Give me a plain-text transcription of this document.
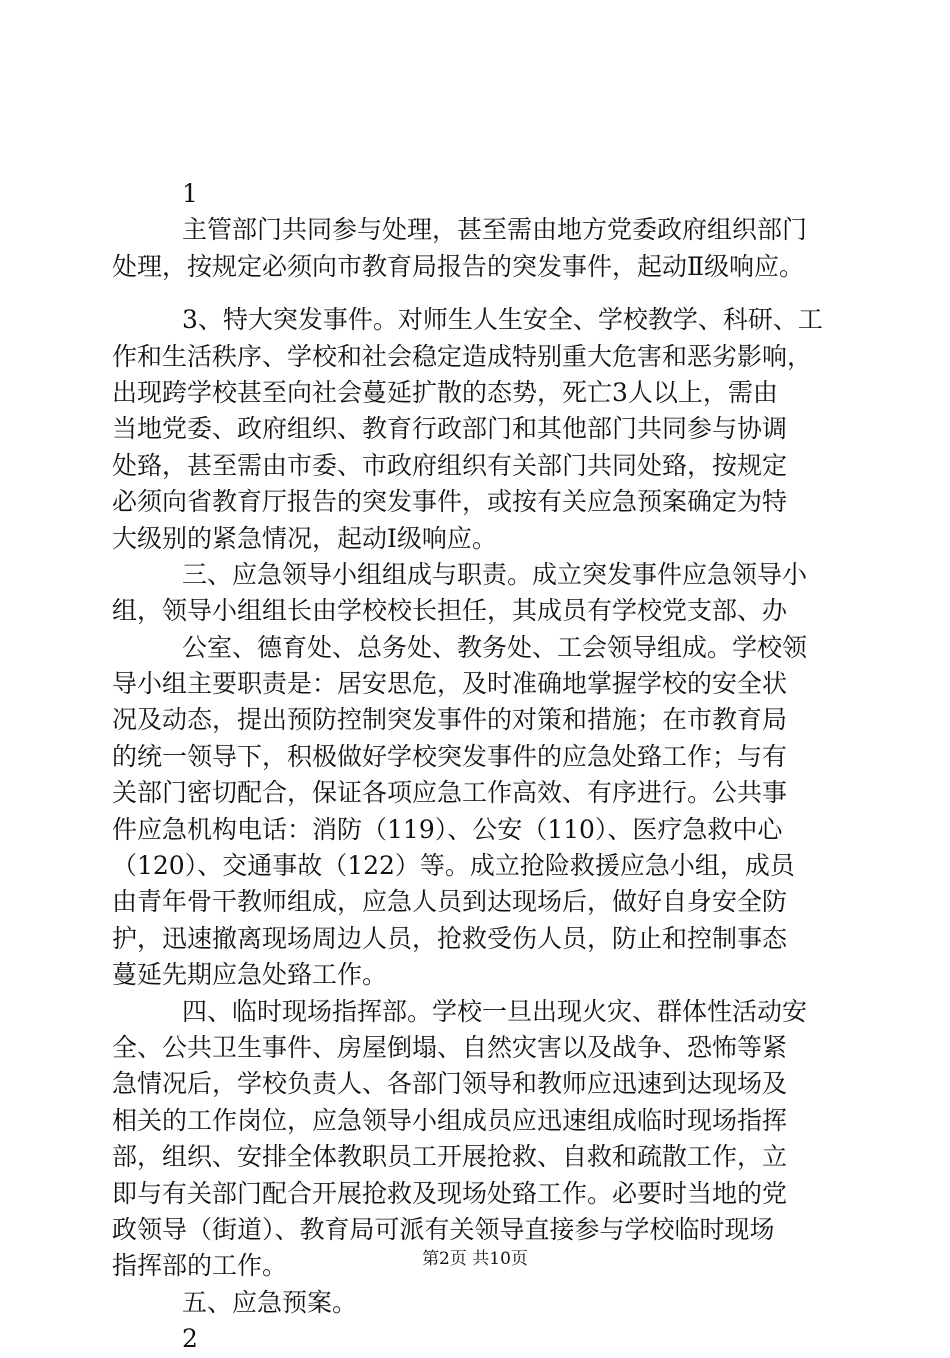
1
主管部门共同参与处理，甚至需由地方党委政府组织部门
处理，按规定必须向市教育局报告的突发事件，起动Ⅱ级响应。
3、特大突发事件。对师生人生安全、学校教学、科研、工
作和生活秩序、学校和社会稳定造成特别重大危害和恶劣影响，
出现跨学校甚至向社会蔓延扩散的态势，死亡3人以上，需由
当地党委、政府组织、教育行政部门和其他部门共同参与协调
处臵，甚至需由市委、市政府组织有关部门共同处臵，按规定
必须向省教育厅报告的突发事件，或按有关应急预案确定为特
大级别的紧急情况，起动Ⅰ级响应。
三、应急领导小组组成与职责。成立突发事件应急领导小
组，领导小组组长由学校校长担任，其成员有学校党支部、办
公室、德育处、总务处、教务处、工会领导组成。学校领
导小组主要职责是：居安思危，及时准确地掌握学校的安全状
况及动态，提出预防控制突发事件的对策和措施；在市教育局
的统一领导下，积极做好学校突发事件的应急处臵工作；与有
关部门密切配合，保证各项应急工作高效、有序进行。公共事
件应急机构电话：消防（119）、公安（110）、医疗急救中心
（120）、交通事故（122）等。成立抢险救援应急小组，成员
由青年骨干教师组成，应急人员到达现场后，做好自身安全防
护，迅速撤离现场周边人员，抢救受伤人员，防止和控制事态
蔓延先期应急处臵工作。
四、临时现场指挥部。学校一旦出现火灾、群体性活动安
全、公共卫生事件、房屋倒塌、自然灾害以及战争、恐怖等紧
急情况后，学校负责人、各部门领导和教师应迅速到达现场及
相关的工作岗位，应急领导小组成员应迅速组成临时现场指挥
部，组织、安排全体教职员工开展抢救、自救和疏散工作，立
即与有关部门配合开展抢救及现场处臵工作。必要时当地的党
政领导（街道）、教育局可派有关领导直接参与学校临时现场
指挥部的工作。
五、应急预案。
2
第2页 共10页
